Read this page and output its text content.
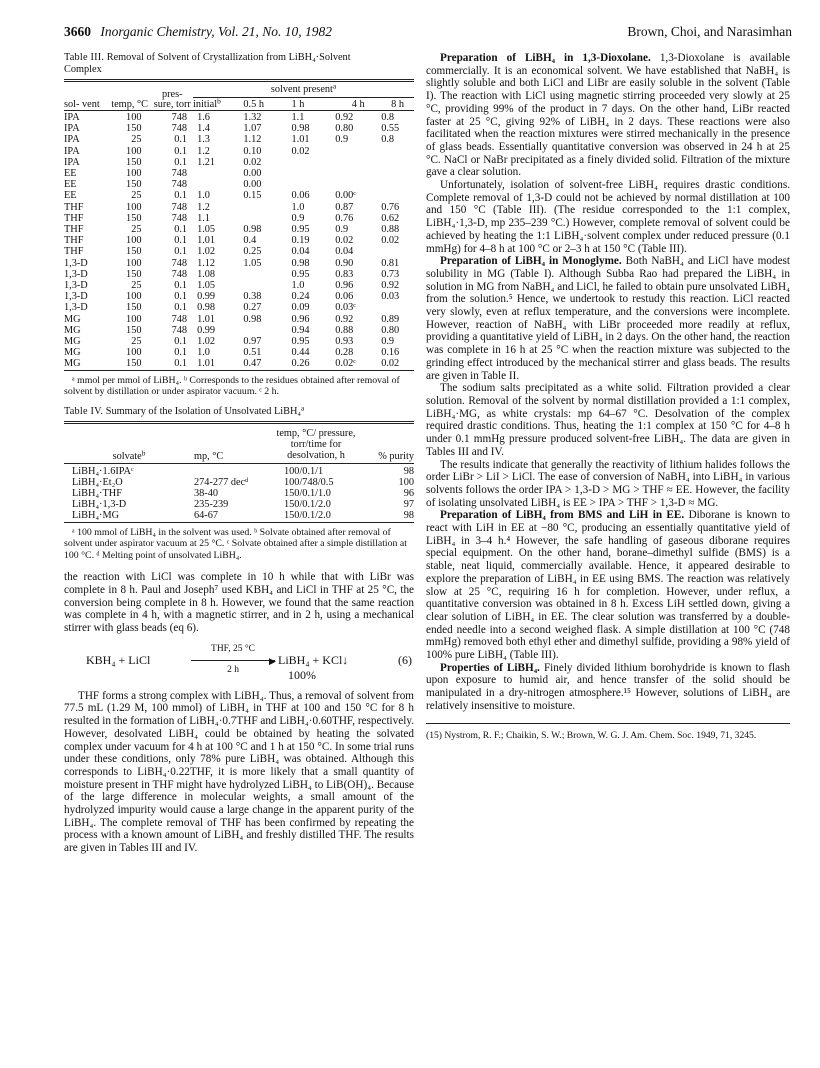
3660 Inorganic Chemistry, Vol. 21, No. 10, 1982	Brown, Choi, and Narasimhan
Table III. Removal of Solvent of Crystallization from LiBH₄·Solvent Complex
sol- vent	temp, °C	pres- sure, torr	solvent present$^a$
			initial$^b$	0.5 h	1 h	4 h	8 h

IPA	100	748	1.6	1.32	1.1	0.92	0.8
IPA	150	748	1.4	1.07	0.98	0.80	0.55
IPA	25	0.1	1.3	1.12	1.01	0.9	0.8
IPA	100	0.1	1.2	0.10	0.02		
IPA	150	0.1	1.21	0.02			
EE	100	748		0.00			
EE	150	748		0.00			
EE	25	0.1	1.0	0.15	0.06	0.00ᶜ	
THF	100	748	1.2		1.0	0.87	0.76
THF	150	748	1.1		0.9	0.76	0.62
THF	25	0.1	1.05	0.98	0.95	0.9	0.88
THF	100	0.1	1.01	0.4	0.19	0.02	0.02
THF	150	0.1	1.02	0.25	0.04	0.04	
1,3-D	100	748	1.12	1.05	0.98	0.90	0.81
1,3-D	150	748	1.08		0.95	0.83	0.73
1,3-D	25	0.1	1.05		1.0	0.96	0.92
1,3-D	100	0.1	0.99	0.38	0.24	0.06	0.03
1,3-D	150	0.1	0.98	0.27	0.09	0.03ᶜ	
MG	100	748	1.01	0.98	0.96	0.92	0.89
MG	150	748	0.99		0.94	0.88	0.80
MG	25	0.1	1.02	0.97	0.95	0.93	0.9
MG	100	0.1	1.0	0.51	0.44	0.28	0.16
MG	150	0.1	1.01	0.47	0.26	0.02ᶜ	0.02
ᵃ mmol per mmol of LiBH₄. ᵇ Corresponds to the residues obtained after removal of solvent by distillation or under aspirator vacuum. ᶜ 2 h.
Table IV. Summary of the Isolation of Unsolvated LiBH₄$^a$
solvate$^b$	mp, °C	temp, °C/ pressure, torr/time for desolvation, h	% purity

LiBH₄·1.6IPAᶜ		100/0.1/1	98
LiBH₄·Et₂O	274-277 decᵈ	100/748/0.5	100
LiBH₄·THF	38-40	150/0.1/1.0	96
LiBH₄·1,3-D	235-239	150/0.1/2.0	97
LiBH₄·MG	64-67	150/0.1/2.0	98
ᵃ 100 mmol of LiBH₄ in the solvent was used. ᵇ Solvate obtained after removal of solvent under aspirator vacuum at 25 °C. ᶜ Solvate obtained after a simple distillation at 100 °C. ᵈ Melting point of unsolvated LiBH₄.

the reaction with LiCl was complete in 10 h while that with LiBr was complete in 8 h. Paul and Joseph⁷ used KBH₄ and LiCl in THF at 25 °C, the conversion being complete in 8 h. However, we found that the same reaction was complete in 4 h, with a magnetic stirrer, and in 2 h, using a mechanical stirrer with glass beads (eq 6).

KBH₄ + LiCl
THF, 25 °C
▶
2 h
LiBH₄ + KCl↓
100%
(6)

THF forms a strong complex with LiBH₄. Thus, a removal of solvent from 77.5 mL (1.29 M, 100 mmol) of LiBH₄ in THF at 100 and 150 °C for 8 h resulted in the formation of LiBH₄·0.7THF and LiBH₄·0.60THF, respectively. However, desolvated LiBH₄ could be obtained by heating the solvated complex under vacuum for 4 h at 100 °C and 1 h at 150 °C. In some trial runs under these conditions, only 78% pure LiBH₄ was obtained. Although this corresponds to LiBH₄·0.22THF, it is more likely that a small quantity of moisture present in THF might have hydrolyzed LiBH₄ to LiB(OH)₄. Because of the large difference in molecular weights, a small amount of the hydrolyzed impurity would cause a large change in the apparent purity of the LiBH₄. The complete removal of THF has been confirmed by repeating the process with a known amount of LiBH₄ and freshly distilled THF. The results are given in Tables III and IV.

Preparation of LiBH₄ in 1,3-Dioxolane. 1,3-Dioxolane is available commercially. It is an economical solvent. We have established that NaBH₄ is slightly soluble and both LiCl and LiBr are easily soluble in the solvent (Table I). The reaction with LiCl using magnetic stirring proceeded very slowly at 25 °C, providing 99% of the product in 7 days. On the other hand, LiBr reacted faster at 25 °C, giving 92% of LiBH₄ in 2 days. These reactions were also facilitated when the reaction mixtures were stirred mechanically in the presence of glass beads. Essentially quantitative conversion was observed in 24 h at 25 °C. NaCl or NaBr precipitated as a finely divided solid. Filtration of the mixture gave a clear solution.

Unfortunately, isolation of solvent-free LiBH₄ requires drastic conditions. Complete removal of 1,3-D could not be achieved by normal distillation at 100 and 150 °C (Table III). (The residue corresponded to the 1:1 complex, LiBH₄·1,3-D, mp 235–239 °C.) However, complete removal of solvent could be achieved by heating the 1:1 LiBH₄·solvent complex under reduced pressure (0.1 mmHg) for 4–8 h at 100 °C or 2–3 h at 150 °C (Table III).

Preparation of LiBH₄ in Monoglyme. Both NaBH₄ and LiCl have modest solubility in MG (Table I). Although Subba Rao had prepared the LiBH₄ in solution in MG from NaBH₄ and LiCl, he failed to obtain pure unsolvated LiBH₄ from the solution.⁵ Hence, we undertook to restudy this reaction. LiCl reacted very slowly, even at reflux temperature, and the conversions were incomplete. However, reaction of NaBH₄ with LiBr proceeded more readily at reflux, providing a quantitative yield of LiBH₄ in 2 days. On the other hand, the reaction was complete in 16 h at 25 °C when the reaction mixture was subjected to the grinding effect introduced by the mechanical stirrer and glass beads. The results are given in Table II.

The sodium salts precipitated as a white solid. Filtration provided a clear solution. Removal of the solvent by normal distillation provided a 1:1 complex, LiBH₄·MG, as white crystals: mp 64–67 °C. Desolvation of the complex required drastic conditions. Thus, heating the 1:1 complex at 150 °C for 4–8 h under 0.1 mmHg pressure produced solvent-free LiBH₄. The data are given in Tables III and IV.

The results indicate that generally the reactivity of lithium halides follows the order LiBr > LiI > LiCl. The ease of conversion of NaBH₄ into LiBH₄ in various solvents follows the order IPA > 1,3-D > MG > THF ≈ EE. However, the facility of isolating unsolvated LiBH₄ is EE > IPA > THF > 1,3-D ≈ MG.

Preparation of LiBH₄ from BMS and LiH in EE. Diborane is known to react with LiH in EE at −80 °C, producing an essentially quantitative yield of LiBH₄ in 3–4 h.⁴ However, the safe handling of gaseous diborane requires special equipment. On the other hand, borane–dimethyl sulfide (BMS) is a stable, neat liquid, commercially available. Hence, it appeared desirable to explore the preparation of LiBH₄ in EE using BMS. The reaction was relatively slow at 25 °C, requiring 16 h for completion. However, under reflux, a quantitative conversion was obtained in 8 h. Excess LiH settled down, giving a clear solution of LiBH₄ in EE. The clear solution was transferred by a double-ended needle into a second weighed flask. A simple distillation at 100 °C (748 mmHg) removed both ethyl ether and dimethyl sulfide, providing a 98% yield of 100% pure LiBH₄ (Table III).

Properties of LiBH₄. Finely divided lithium borohydride is known to flash upon exposure to humid air, and hence transfer of the solid should be manipulated in a dry-nitrogen atmosphere.¹⁵ However, solutions of LiBH₄ are relatively insensitive to moisture.

(15) Nystrom, R. F.; Chaikin, S. W.; Brown, W. G. J. Am. Chem. Soc. 1949, 71, 3245.
